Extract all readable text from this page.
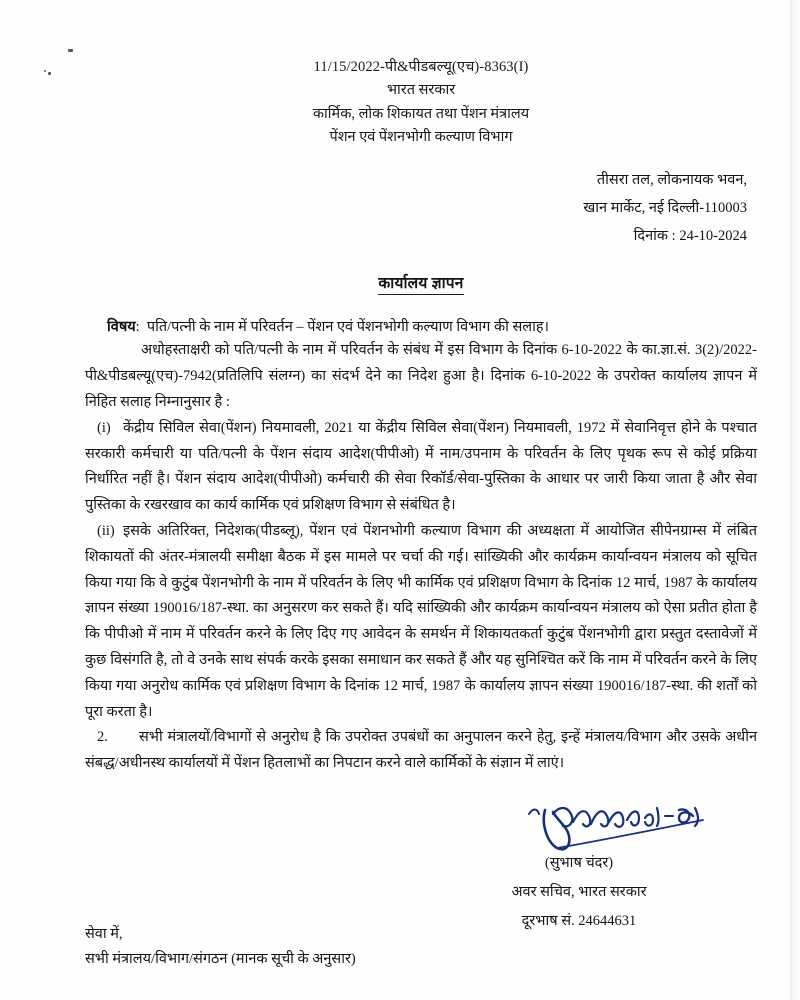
11/15/2022-पी&पीडबल्यू(एच)-8363(I)
भारत सरकार
कार्मिक, लोक शिकायत तथा पेंशन मंत्रालय
पेंशन एवं पेंशनभोगी कल्याण विभाग
तीसरा तल, लोकनायक भवन,
खान मार्केट, नई दिल्ली-110003
दिनांक : 24-10-2024
कार्यालय ज्ञापन
विषय: पति/पत्नी के नाम में परिवर्तन – पेंशन एवं पेंशनभोगी कल्याण विभाग की सलाह।

अधोहस्ताक्षरी को पति/पत्नी के नाम में परिवर्तन के संबंध में इस विभाग के दिनांक 6-10-2022 के का.ज्ञा.सं. 3(2)/2022-पी&पीडबल्यू(एच)-7942(प्रतिलिपि संलग्न) का संदर्भ देने का निदेश हुआ है। दिनांक 6-10-2022 के उपरोक्त कार्यालय ज्ञापन में निहित सलाह निम्नानुसार है :

(i) केंद्रीय सिविल सेवा(पेंशन) नियमावली, 2021 या केंद्रीय सिविल सेवा(पेंशन) नियमावली, 1972 में सेवानिवृत्त होने के पश्चात सरकारी कर्मचारी या पति/पत्नी के पेंशन संदाय आदेश(पीपीओ) में नाम/उपनाम के परिवर्तन के लिए पृथक रूप से कोई प्रक्रिया निर्धारित नहीं है। पेंशन संदाय आदेश(पीपीओ) कर्मचारी की सेवा रिकॉर्ड/सेवा-पुस्तिका के आधार पर जारी किया जाता है और सेवा पुस्तिका के रखरखाव का कार्य कार्मिक एवं प्रशिक्षण विभाग से संबंधित है।

(ii) इसके अतिरिक्त, निदेशक(पीडब्लू), पेंशन एवं पेंशनभोगी कल्याण विभाग की अध्यक्षता में आयोजित सीपेनग्राम्स में लंबित शिकायतों की अंतर-मंत्रालयी समीक्षा बैठक में इस मामले पर चर्चा की गई। सांख्यिकी और कार्यक्रम कार्यान्वयन मंत्रालय को सूचित किया गया कि वे कुटुंब पेंशनभोगी के नाम में परिवर्तन के लिए भी कार्मिक एवं प्रशिक्षण विभाग के दिनांक 12 मार्च, 1987 के कार्यालय ज्ञापन संख्या 190016/187-स्था. का अनुसरण कर सकते हैं। यदि सांख्यिकी और कार्यक्रम कार्यान्वयन मंत्रालय को ऐसा प्रतीत होता है कि पीपीओ में नाम में परिवर्तन करने के लिए दिए गए आवेदन के समर्थन में शिकायतकर्ता कुटुंब पेंशनभोगी द्वारा प्रस्तुत दस्तावेजों में कुछ विसंगति है, तो वे उनके साथ संपर्क करके इसका समाधान कर सकते हैं और यह सुनिश्चित करें कि नाम में परिवर्तन करने के लिए किया गया अनुरोध कार्मिक एवं प्रशिक्षण विभाग के दिनांक 12 मार्च, 1987 के कार्यालय ज्ञापन संख्या 190016/187-स्था. की शर्तों को पूरा करता है।

2. सभी मंत्रालयों/विभागों से अनुरोध है कि उपरोक्त उपबंधों का अनुपालन करने हेतु, इन्हें मंत्रालय/विभाग और उसके अधीन संबद्ध/अधीनस्थ कार्यालयों में पेंशन हितलाभों का निपटान करने वाले कार्मिकों के संज्ञान में लाएं।

(सुभाष चंदर)
अवर सचिव, भारत सरकार
दूरभाष सं. 24644631
सेवा में,
सभी मंत्रालय/विभाग/संगठन (मानक सूची के अनुसार)
